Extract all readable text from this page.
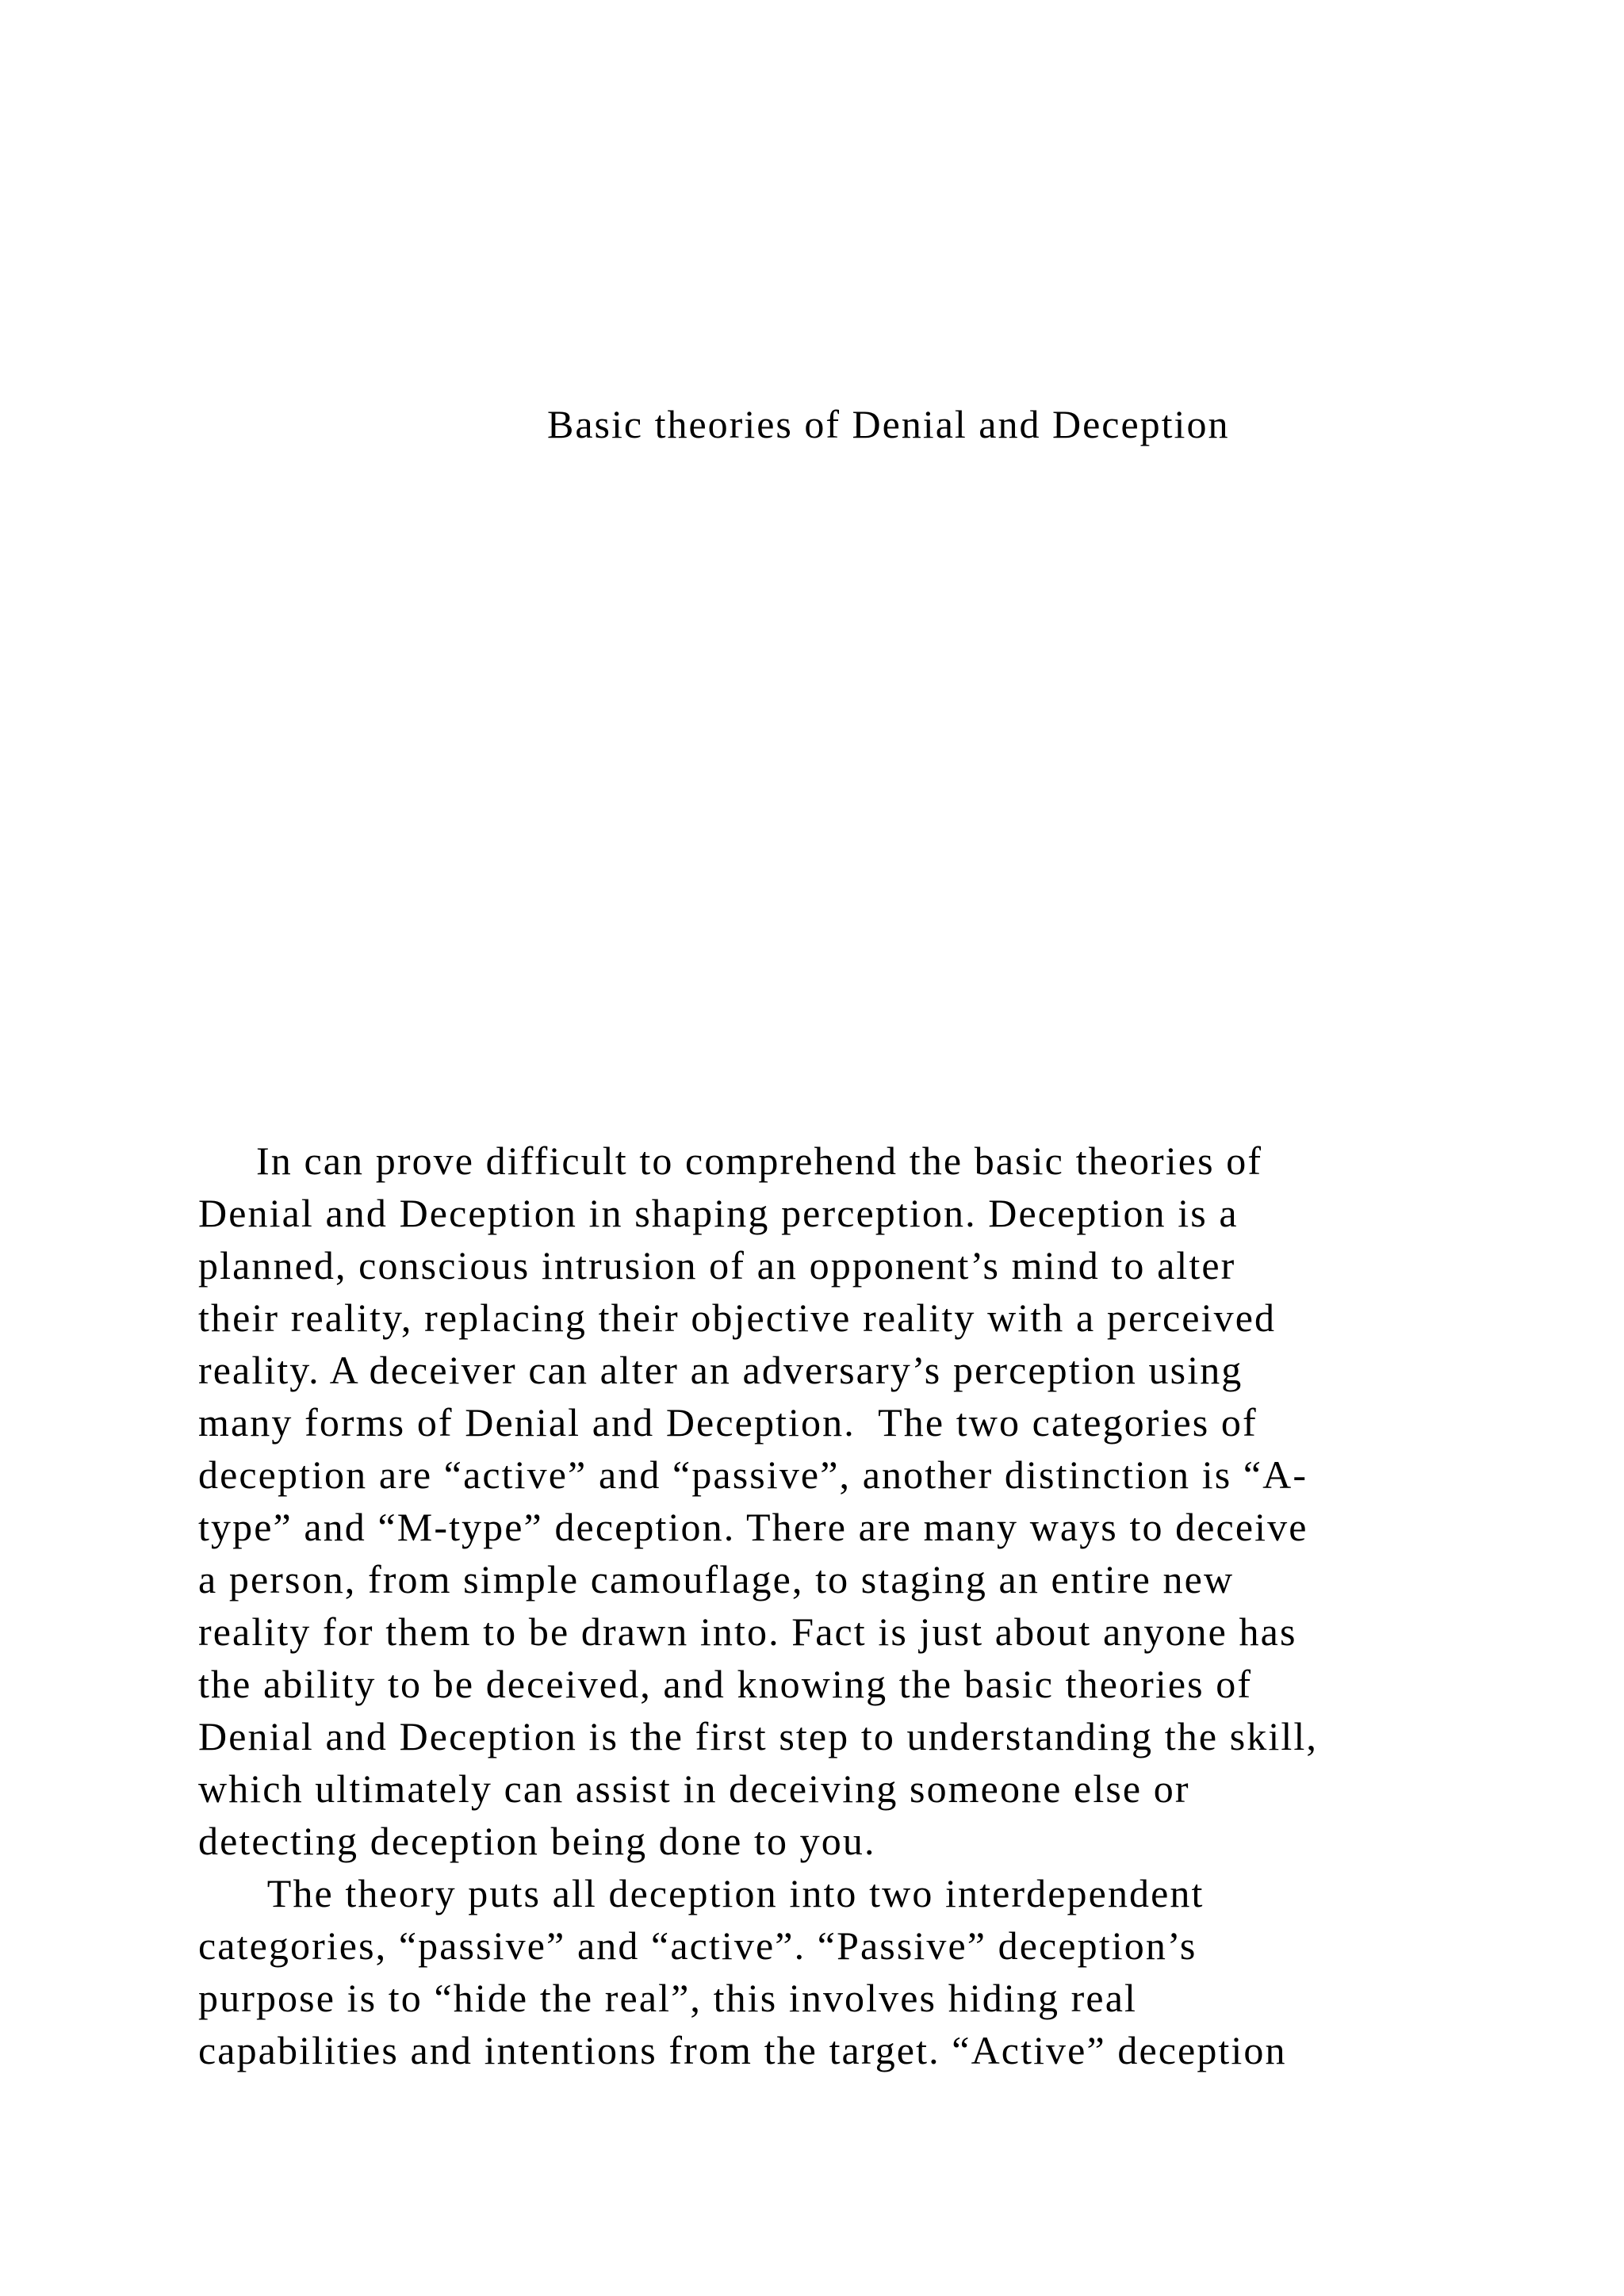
Basic theories of Denial and Deception
In can prove difficult to comprehend the basic theories of
Denial and Deception in shaping perception. Deception is a
planned, conscious intrusion of an opponent’s mind to alter
their reality, replacing their objective reality with a perceived
reality. A deceiver can alter an adversary’s perception using
many forms of Denial and Deception.  The two categories of
deception are “active” and “passive”, another distinction is “A-
type” and “M-type” deception. There are many ways to deceive
a person, from simple camouflage, to staging an entire new
reality for them to be drawn into. Fact is just about anyone has
the ability to be deceived, and knowing the basic theories of
Denial and Deception is the first step to understanding the skill,
which ultimately can assist in deceiving someone else or
detecting deception being done to you.
The theory puts all deception into two interdependent
categories, “passive” and “active”. “Passive” deception’s
purpose is to “hide the real”, this involves hiding real
capabilities and intentions from the target. “Active” deception
